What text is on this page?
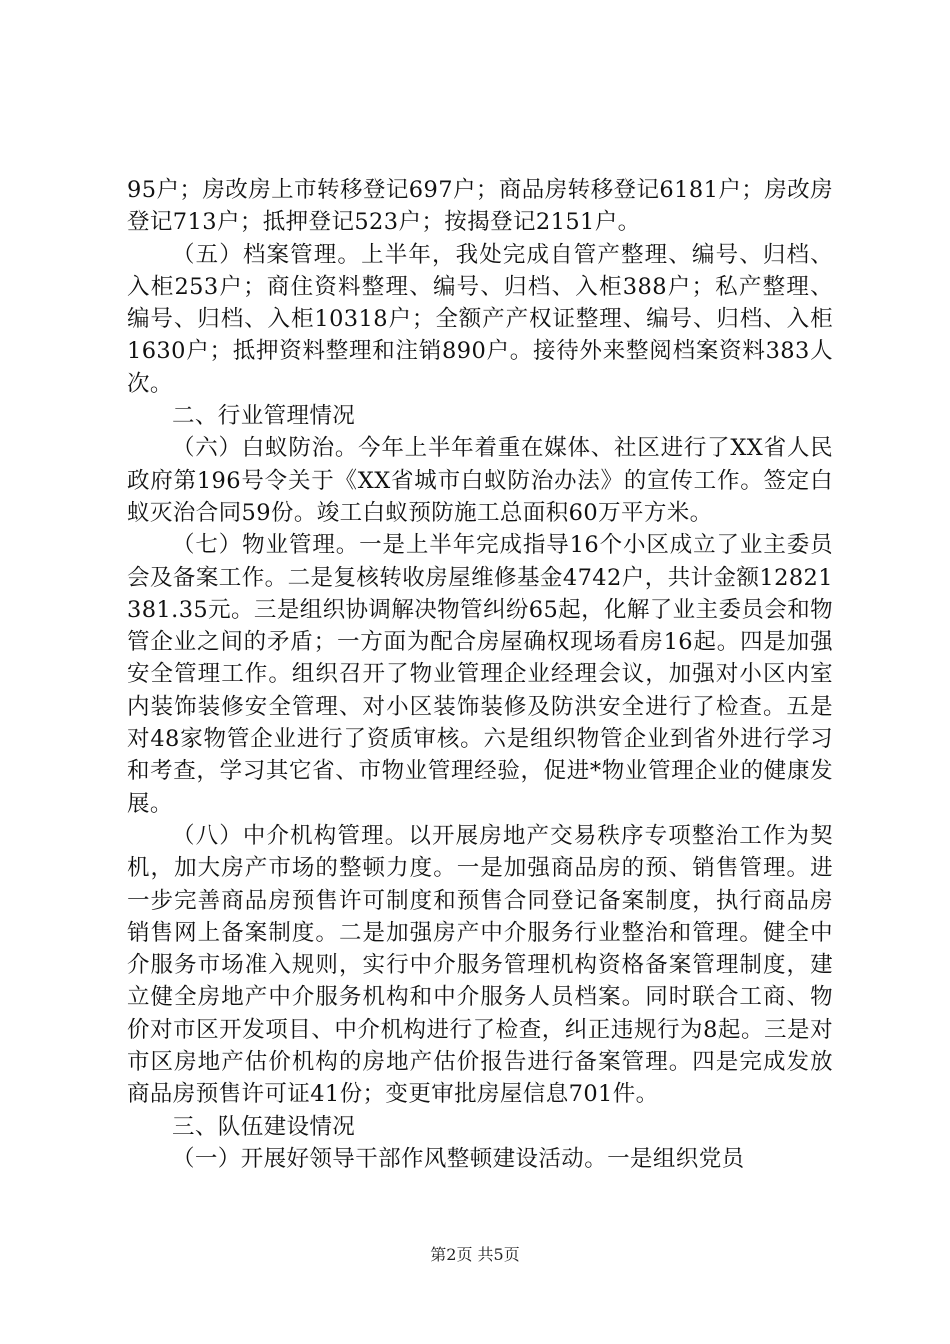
95户；房改房上市转移登记697户；商品房转移登记6181户；房改房登记713户；抵押登记523户；按揭登记2151户。

（五）档案管理。上半年，我处完成自管产整理、编号、归档、入柜253户；商住资料整理、编号、归档、入柜388户；私产整理、编号、归档、入柜10318户；全额产产权证整理、编号、归档、入柜1630户；抵押资料整理和注销890户。接待外来整阅档案资料383人次。

二、行业管理情况

（六）白蚁防治。今年上半年着重在媒体、社区进行了XX省人民政府第196号令关于《XX省城市白蚁防治办法》的宣传工作。签定白蚁灭治合同59份。竣工白蚁预防施工总面积60万平方米。

（七）物业管理。一是上半年完成指导16个小区成立了业主委员会及备案工作。二是复核转收房屋维修基金4742户，共计金额12821381.35元。三是组织协调解决物管纠纷65起，化解了业主委员会和物管企业之间的矛盾；一方面为配合房屋确权现场看房16起。四是加强安全管理工作。组织召开了物业管理企业经理会议，加强对小区内室内装饰装修安全管理、对小区装饰装修及防洪安全进行了检查。五是对48家物管企业进行了资质审核。六是组织物管企业到省外进行学习和考查，学习其它省、市物业管理经验，促进*物业管理企业的健康发展。

（八）中介机构管理。以开展房地产交易秩序专项整治工作为契机，加大房产市场的整顿力度。一是加强商品房的预、销售管理。进一步完善商品房预售许可制度和预售合同登记备案制度，执行商品房销售网上备案制度。二是加强房产中介服务行业整治和管理。健全中介服务市场准入规则，实行中介服务管理机构资格备案管理制度，建立健全房地产中介服务机构和中介服务人员档案。同时联合工商、物价对市区开发项目、中介机构进行了检查，纠正违规行为8起。三是对市区房地产估价机构的房地产估价报告进行备案管理。四是完成发放商品房预售许可证41份；变更审批房屋信息701件。

三、队伍建设情况

（一）开展好领导干部作风整顿建设活动。一是组织党员

第2页 共5页
